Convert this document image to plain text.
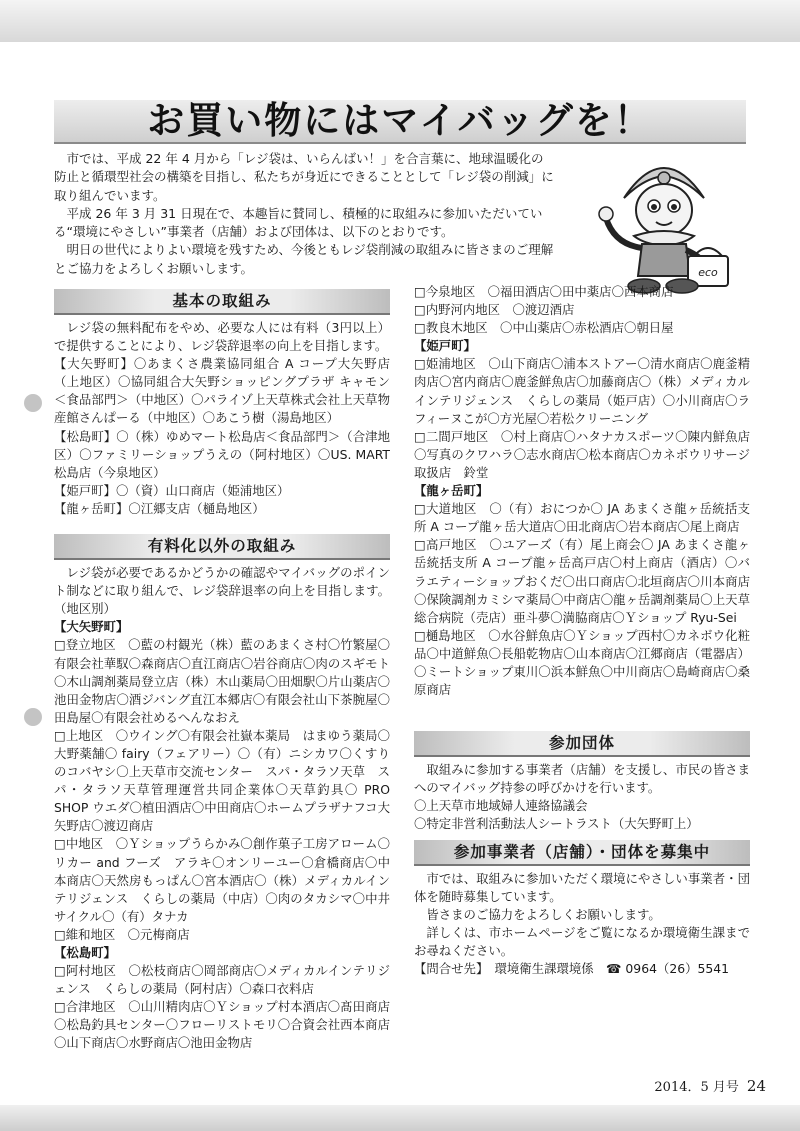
お買い物にはマイバッグを！

市では、平成 22 年 4 月から「レジ袋は、いらんばい！」を合言葉に、地球温暖化の防止と循環型社会の構築を目指し、私たちが身近にできることとして「レジ袋の削減」に取り組んでいます。

平成 26 年 3 月 31 日現在で、本趣旨に賛同し、積極的に取組みに参加いただいている“環境にやさしい”事業者（店舗）および団体は、以下のとおりです。

明日の世代によりよい環境を残すため、今後ともレジ袋削減の取組みに皆さまのご理解とご協力をよろしくお願いします。	eco
基本の取組み

レジ袋の無料配布をやめ、必要な人には有料（3円以上）で提供することにより、レジ袋辞退率の向上を目指します。

【大矢野町】〇あまくさ農業協同組合 A コープ大矢野店（上地区）〇協同組合大矢野ショッピングプラザ キャモン＜食品部門＞（中地区）〇パライゾ上天草株式会社上天草物産館さんぱーる（中地区）〇あこう樹（湯島地区）

【松島町】〇（株）ゆめマート松島店＜食品部門＞（合津地区）〇ファミリーショップうえの（阿村地区）〇US. MART 松島店（今泉地区）

【姫戸町】〇（資）山口商店（姫浦地区）

【龍ヶ岳町】〇江郷支店（樋島地区）

有料化以外の取組み

レジ袋が必要であるかどうかの確認やマイバッグのポイント制などに取り組んで、レジ袋辞退率の向上を目指します。（地区別）

【大矢野町】

□登立地区　〇藍の村観光（株）藍のあまくさ村〇竹繁屋〇有限会社華馭〇森商店〇直江商店〇岩谷商店〇肉のスギモト〇木山調剤薬局登立店（株）木山薬局〇田畑駅〇片山薬店〇池田金物店〇酒ジバング直江本郷店〇有限会社山下茶腕屋〇田島屋〇有限会社めるへんなおえ

□上地区　〇ウイング〇有限会社嶽本薬局　はまゆう薬局〇大野薬舗〇 fairy（フェアリー）〇（有）ニシカワ〇くすりのコバヤシ〇上天草市交流センター　スパ・タラソ天草　スパ・タラソ天草管理運営共同企業体〇天草釣具〇 PRO SHOP ウエダ〇植田酒店〇中田商店〇ホームプラザナフコ大矢野店〇渡辺商店

□中地区　〇Ｙショップうらかみ〇創作菓子工房アローム〇リカー and フーズ　アラキ〇オンリーユー〇倉橋商店〇中本商店〇天然房もっぱん〇宮本酒店〇（株）メディカルインテリジェンス　くらしの薬局（中店）〇肉のタカシマ〇中井サイクル〇（有）タナカ

□維和地区　〇元梅商店

【松島町】

□阿村地区　〇松枝商店〇岡部商店〇メディカルインテリジェンス　くらしの薬局（阿村店）〇森口衣料店

□合津地区　〇山川精肉店〇Ｙショップ村本酒店〇髙田商店〇松島釣具センター〇フローリストモリ〇合資会社西本商店〇山下商店〇水野商店〇池田金物店

□今泉地区　〇福田酒店〇田中薬店〇西本商店

□内野河内地区　〇渡辺酒店

□教良木地区　〇中山薬店〇赤松酒店〇朝日屋

【姫戸町】

□姫浦地区　〇山下商店〇浦本ストアー〇清水商店〇鹿釜精肉店〇宮内商店〇鹿釜鮮魚店〇加藤商店〇（株）メディカルインテリジェンス　くらしの薬局（姫戸店）〇小川商店〇ラフィーヌこが〇方光屋〇若松クリーニング

□二間戸地区　〇村上商店〇ハタナカスポーツ〇陳内鮮魚店〇写真のクワハラ〇志水商店〇松本商店〇カネボウリサージ取扱店　鈴堂

【龍ヶ岳町】

□大道地区　〇（有）おにつか〇 JA あまくさ龍ヶ岳統括支所 A コープ龍ヶ岳大道店〇田北商店〇岩本商店〇尾上商店

□高戸地区　〇ユアーズ（有）尾上商会〇 JA あまくさ龍ヶ岳統括支所 A コープ龍ヶ岳高戸店〇村上商店（酒店）〇バラエティーショップおくだ〇出口商店〇北垣商店〇川本商店〇保険調剤カミシマ薬局〇中商店〇龍ヶ岳調剤薬局〇上天草総合病院（売店）亜斗夢〇満脇商店〇Ｙショップ Ryu-Sei

□樋島地区　〇水谷鮮魚店〇Ｙショップ西村〇カネボウ化粧品〇中道鮮魚〇長船乾物店〇山本商店〇江郷商店（電器店）〇ミートショップ東川〇浜本鮮魚〇中川商店〇島崎商店〇桑原商店

参加団体

取組みに参加する事業者（店舗）を支援し、市民の皆さまへのマイバッグ持参の呼びかけを行います。

〇上天草市地域婦人連絡協議会

〇特定非営利活動法人シートラスト（大矢野町上）

参加事業者（店舗）・団体を募集中

市では、取組みに参加いただく環境にやさしい事業者・団体を随時募集しています。

皆さまのご協力をよろしくお願いします。

詳しくは、市ホームページをご覧になるか環境衛生課までお尋ねください。

【問合せ先】　環境衛生課環境係　☎ 0964（26）5541

2014．5 月号 24
